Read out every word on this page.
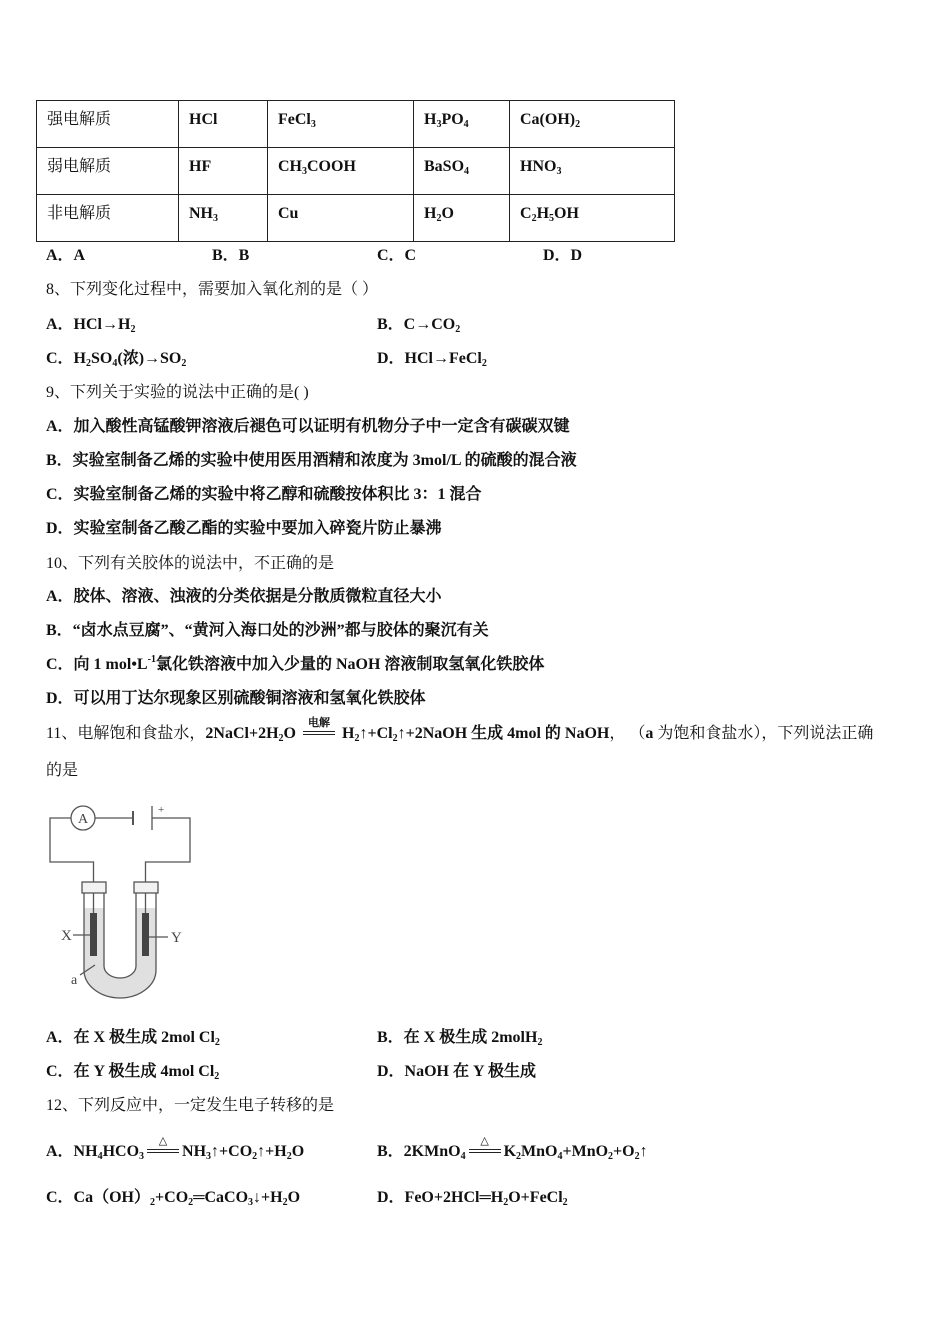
强电解质	HCl	FeCl$_3$	$H_3PO_4$	$Ca(OH)_2$
弱电解质	HF	$CH_3COOH$	BaSO$_4$	$HNO_3$
非电解质	$NH_3$	Cu	$H_2O$	$C_2H_5OH$
A．A	B．B	C．C	D．D
8、下列变化过程中，需要加入氧化剂的是（ ）
A．$HCl\to H_2$	B．$C\to CO_2$
C．$H_2SO_4$(浓)$\to SO_2$	D．HCl→FeCl$_2$
9、下列关于实验的说法中正确的是( )
A．加入酸性高锰酸钾溶液后褪色可以证明有机物分子中一定含有碳碳双键
B．实验室制备乙烯的实验中使用医用酒精和浓度为 3mol/L 的硫酸的混合液
C．实验室制备乙烯的实验中将乙醇和硫酸按体积比 3：1 混合
D．实验室制备乙酸乙酯的实验中要加入碎瓷片防止暴沸
10、下列有关胶体的说法中，不正确的是
A．胶体、溶液、浊液的分类依据是分散质微粒直径大小
B．“卤水点豆腐”、“黄河入海口处的沙洲”都与胶体的聚沉有关
C．向 1 $mol•L^{-1}$氯化铁溶液中加入少量的 NaOH 溶液制取氢氧化铁胶体
D．可以用丁达尔现象区别硫酸铜溶液和氢氧化铁胶体
11、电解饱和食盐水，$2NaCl+2H_2O$
电解
$H_2↑+Cl_2↑+2NaOH$ 生成 4mol 的 NaOH， （a 为饱和食盐水），下列说法正确
的是
A
+
X	Y
a
A．在 X 极生成 2mol $Cl_2$	B．在 X 极生成 2molH$_2$
C．在 Y 极生成 4mol $Cl_2$	D．NaOH 在 Y 极生成
12、下列反应中，一定发生电子转移的是
A．$NH_4HCO_3$
△
$NH_3↑+CO_2↑+H_2O$	B．2KMnO$_4$
△
$K_2MnO_4+MnO_2+O_2↑$
C．$Ca(OH)_2+CO_2═CaCO_3↓+H_2O$	D．$FeO+2HCl═H_2O+FeCl_2$
